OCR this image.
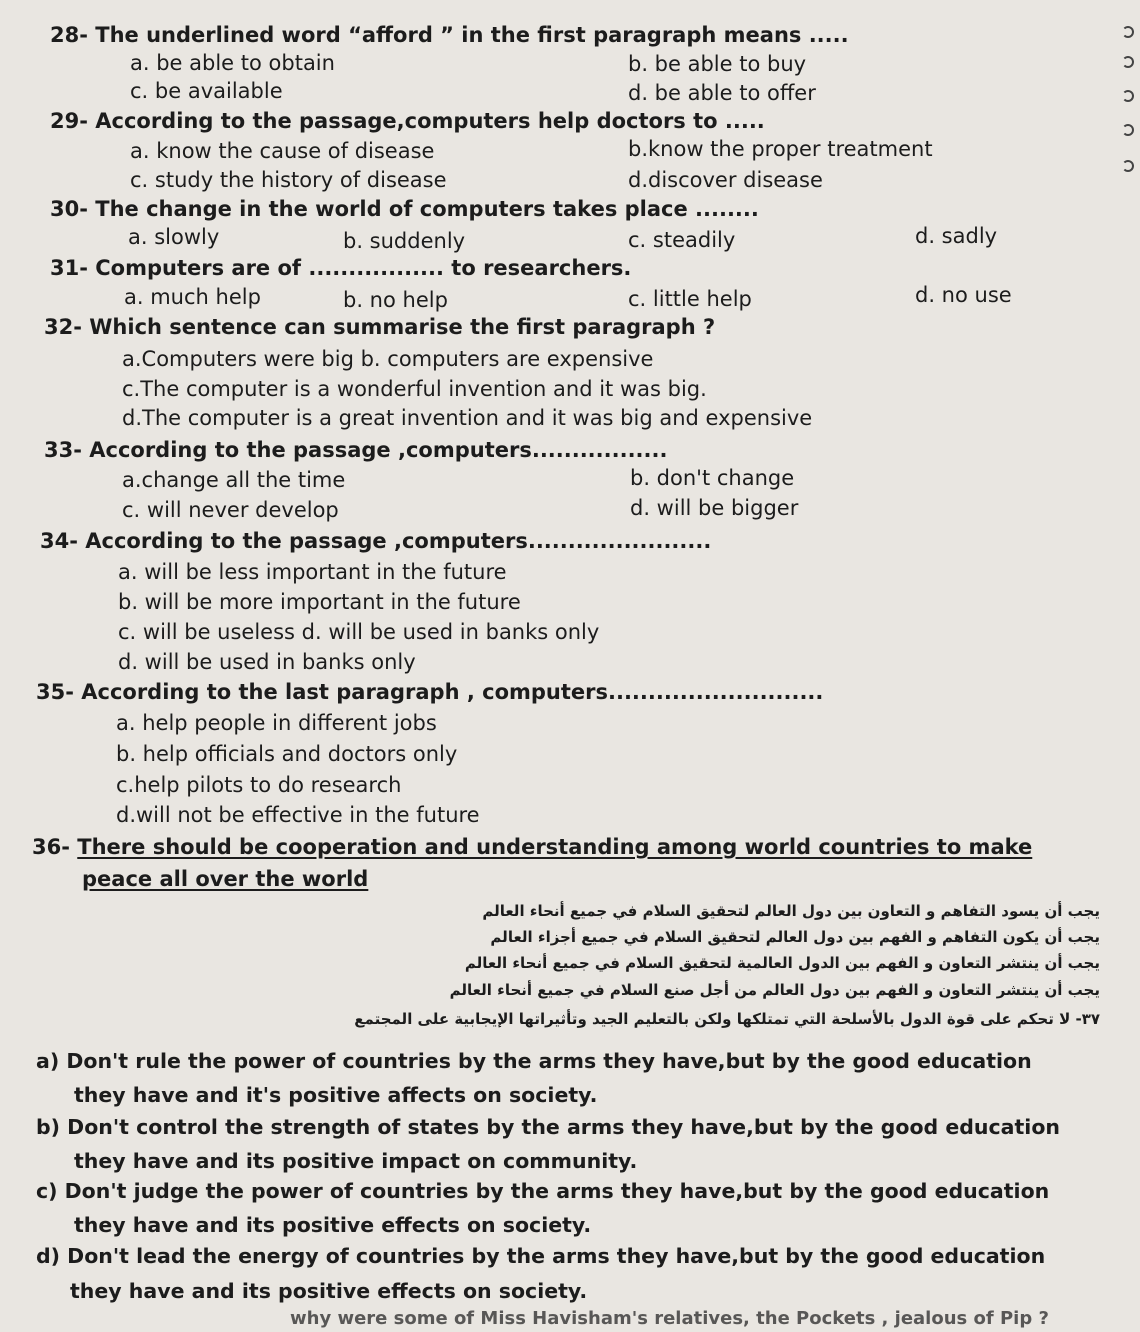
28- The underlined word “afford ” in the first paragraph means .....
a. be able to obtain	b. be able to buy
c. be available	d. be able to offer
29- According to the passage,computers help doctors to .....
a. know the cause of disease	b.know the proper treatment
c. study the history of disease	d.discover disease
30- The change in the world of computers takes place ........
a. slowly	b. suddenly	c. steadily	d. sadly
31- Computers are of ................. to researchers.
a. much help	b. no help	c. little help	d. no use
32- Which sentence can summarise the first paragraph ?
a.Computers were big b. computers are expensive
c.The computer is a wonderful invention and it was big.
d.The computer is a great invention and it was big and expensive
33- According to the passage ,computers.................
a.change all the time	b. don't change
c. will never develop	d. will be bigger
34- According to the passage ,computers.......................
a. will be less important in the future
b. will be more important in the future
c. will be useless d. will be used in banks only
d. will be used in banks only
35- According to the last paragraph , computers...........................
a. help people in different jobs
b. help officials and doctors only
c.help pilots to do research
d.will not be effective in the future
36- There should be cooperation and understanding among world countries to make
peace all over the world
يجب أن يسود التفاهم و التعاون بين دول العالم لتحقيق السلام في جميع أنحاء العالم
يجب أن يكون التفاهم و الفهم بين دول العالم لتحقيق السلام في جميع أجزاء العالم
يجب أن ينتشر التعاون و الفهم بين الدول العالمية لتحقيق السلام في جميع أنحاء العالم
يجب أن ينتشر التعاون و الفهم بين دول العالم من أجل صنع السلام في جميع أنحاء العالم
٣٧- لا تحكم على قوة الدول بالأسلحة التي تمتلكها ولكن بالتعليم الجيد وتأثيراتها الإيجابية على المجتمع
a) Don't rule the power of countries by the arms they have,but by the good education
they have and it's positive affects on society.
b) Don't control the strength of states by the arms they have,but by the good education
they have and its positive impact on community.
c) Don't judge the power of countries by the arms they have,but by the good education
they have and its positive effects on society.
d) Don't lead the energy of countries by the arms they have,but by the good education
they have and its positive effects on society.
why were some of Miss Havisham's relatives, the Pockets , jealous of Pip ?
